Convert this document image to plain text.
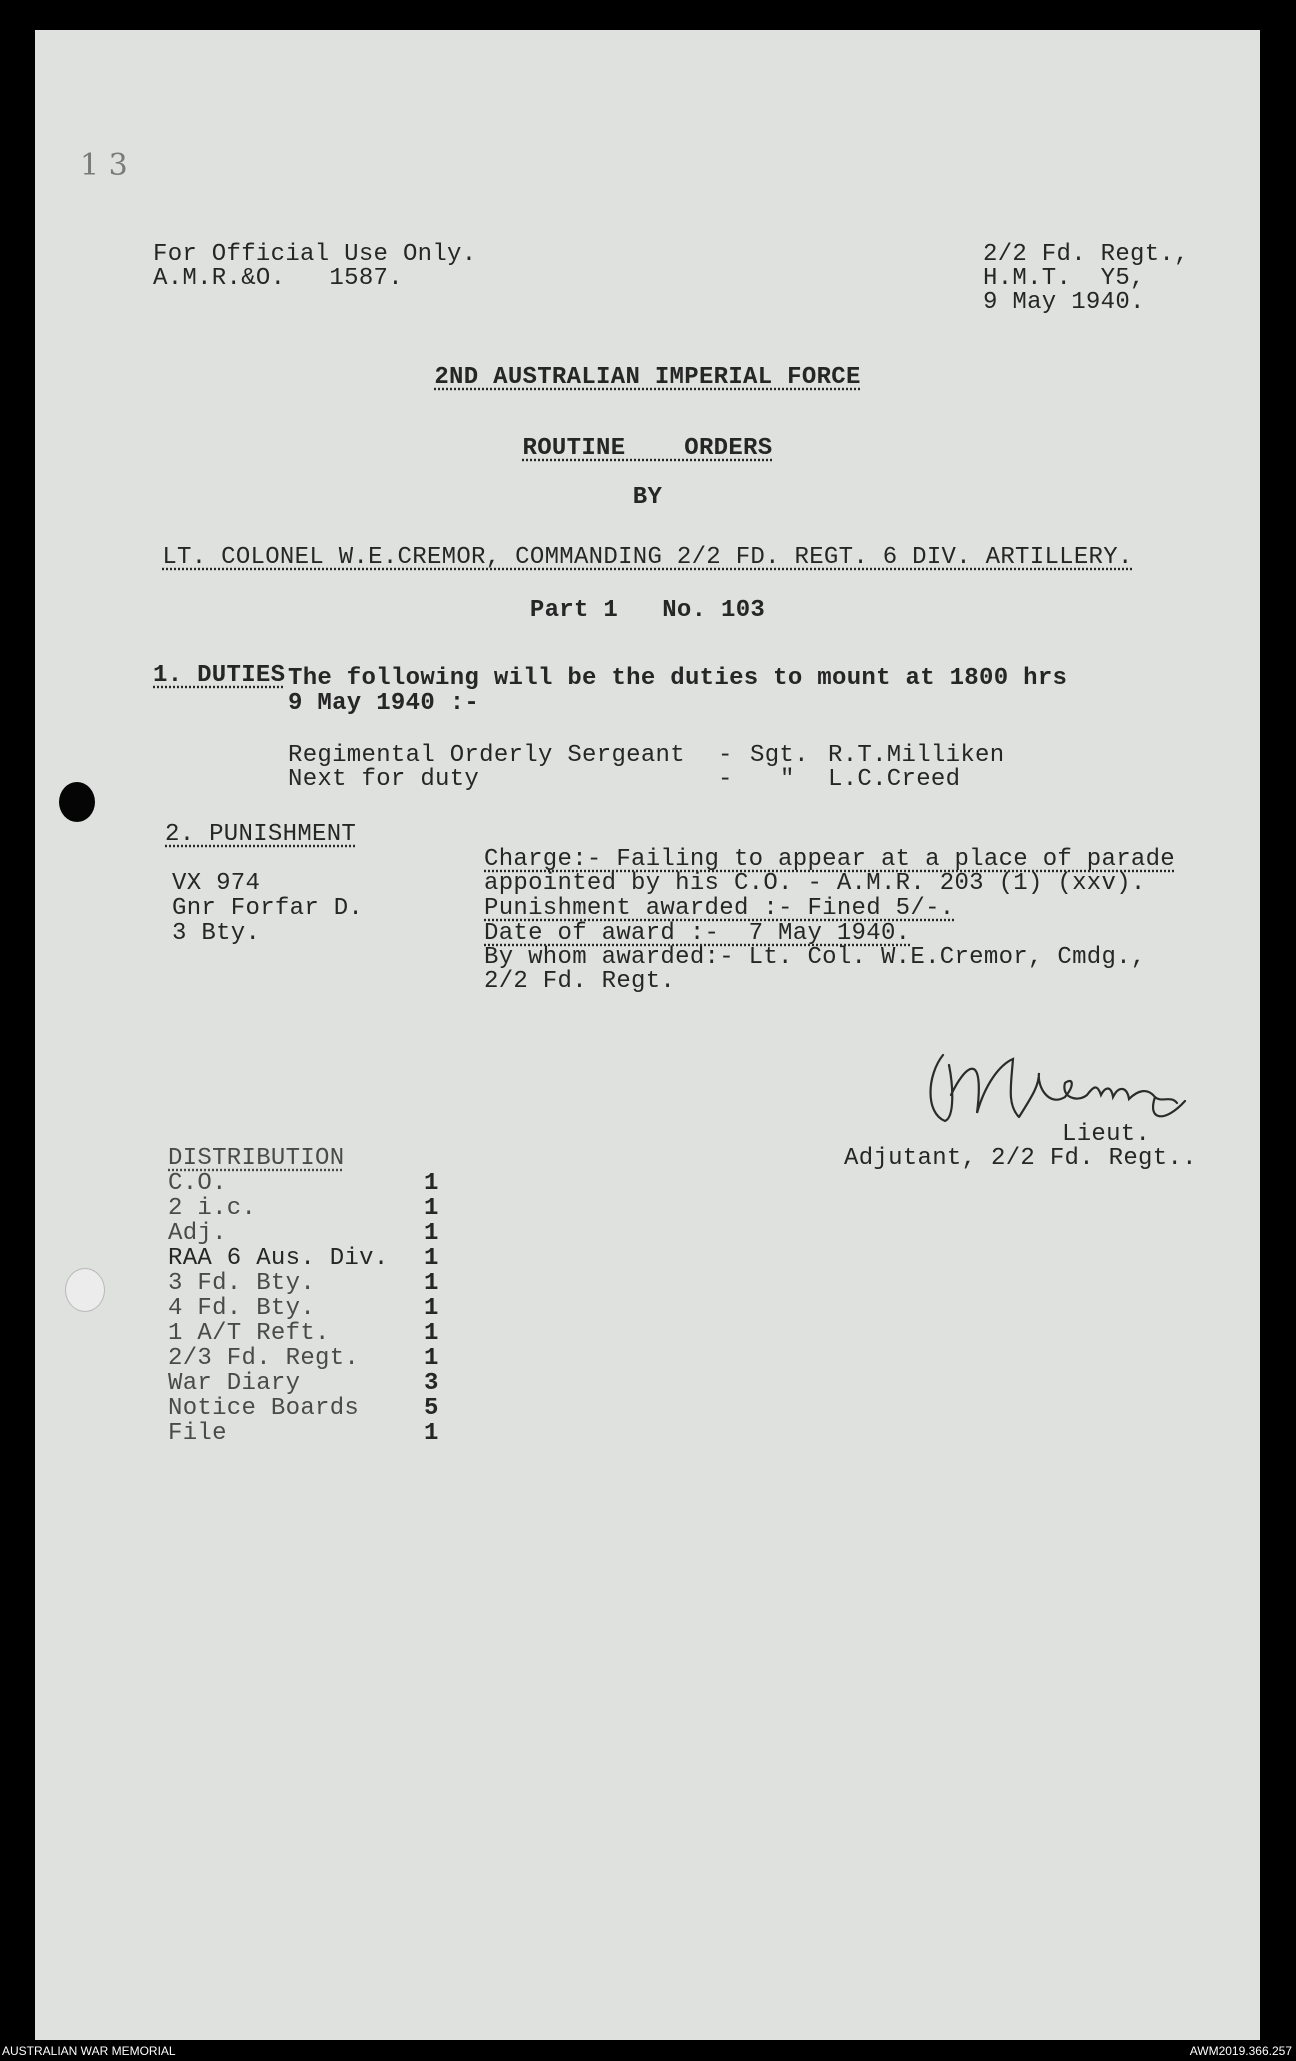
1 3
For Official Use Only.
A.M.R.&O.   1587.
2/2 Fd. Regt.,
H.M.T.  Y5,
9 May 1940.
2ND AUSTRALIAN IMPERIAL FORCE
ROUTINE    ORDERS
BY
LT. COLONEL W.E.CREMOR, COMMANDING 2/2 FD. REGT. 6 DIV. ARTILLERY.
Part 1   No. 103
1. DUTIES The following will be the duties to mount at 1800 hrs
9 May 1940 :-
Regimental Orderly Sergeant - Sgt. R.T.Milliken
Next for duty	- " L.C.Creed
2. PUNISHMENT
VX 974
Gnr Forfar D.
3 Bty.
Charge:- Failing to appear at a place of parade
appointed by his C.O. - A.M.R. 203 (1) (xxv).
Punishment awarded :- Fined 5/-.
Date of award :-  7 May 1940.
By whom awarded:- Lt. Col. W.E.Cremor, Cmdg.,
2/2 Fd. Regt.
Lieut.
Adjutant, 2/2 Fd. Regt..
DISTRIBUTION
C.O.	1
2 i.c.	1
Adj.	1
RAA 6 Aus. Div. 1
3 Fd. Bty.	1
4 Fd. Bty.	1
1 A/T Reft.	1
2/3 Fd. Regt.	1
War Diary	3
Notice Boards	5
File	1
AUSTRALIAN WAR MEMORIAL	AWM2019.366.257
